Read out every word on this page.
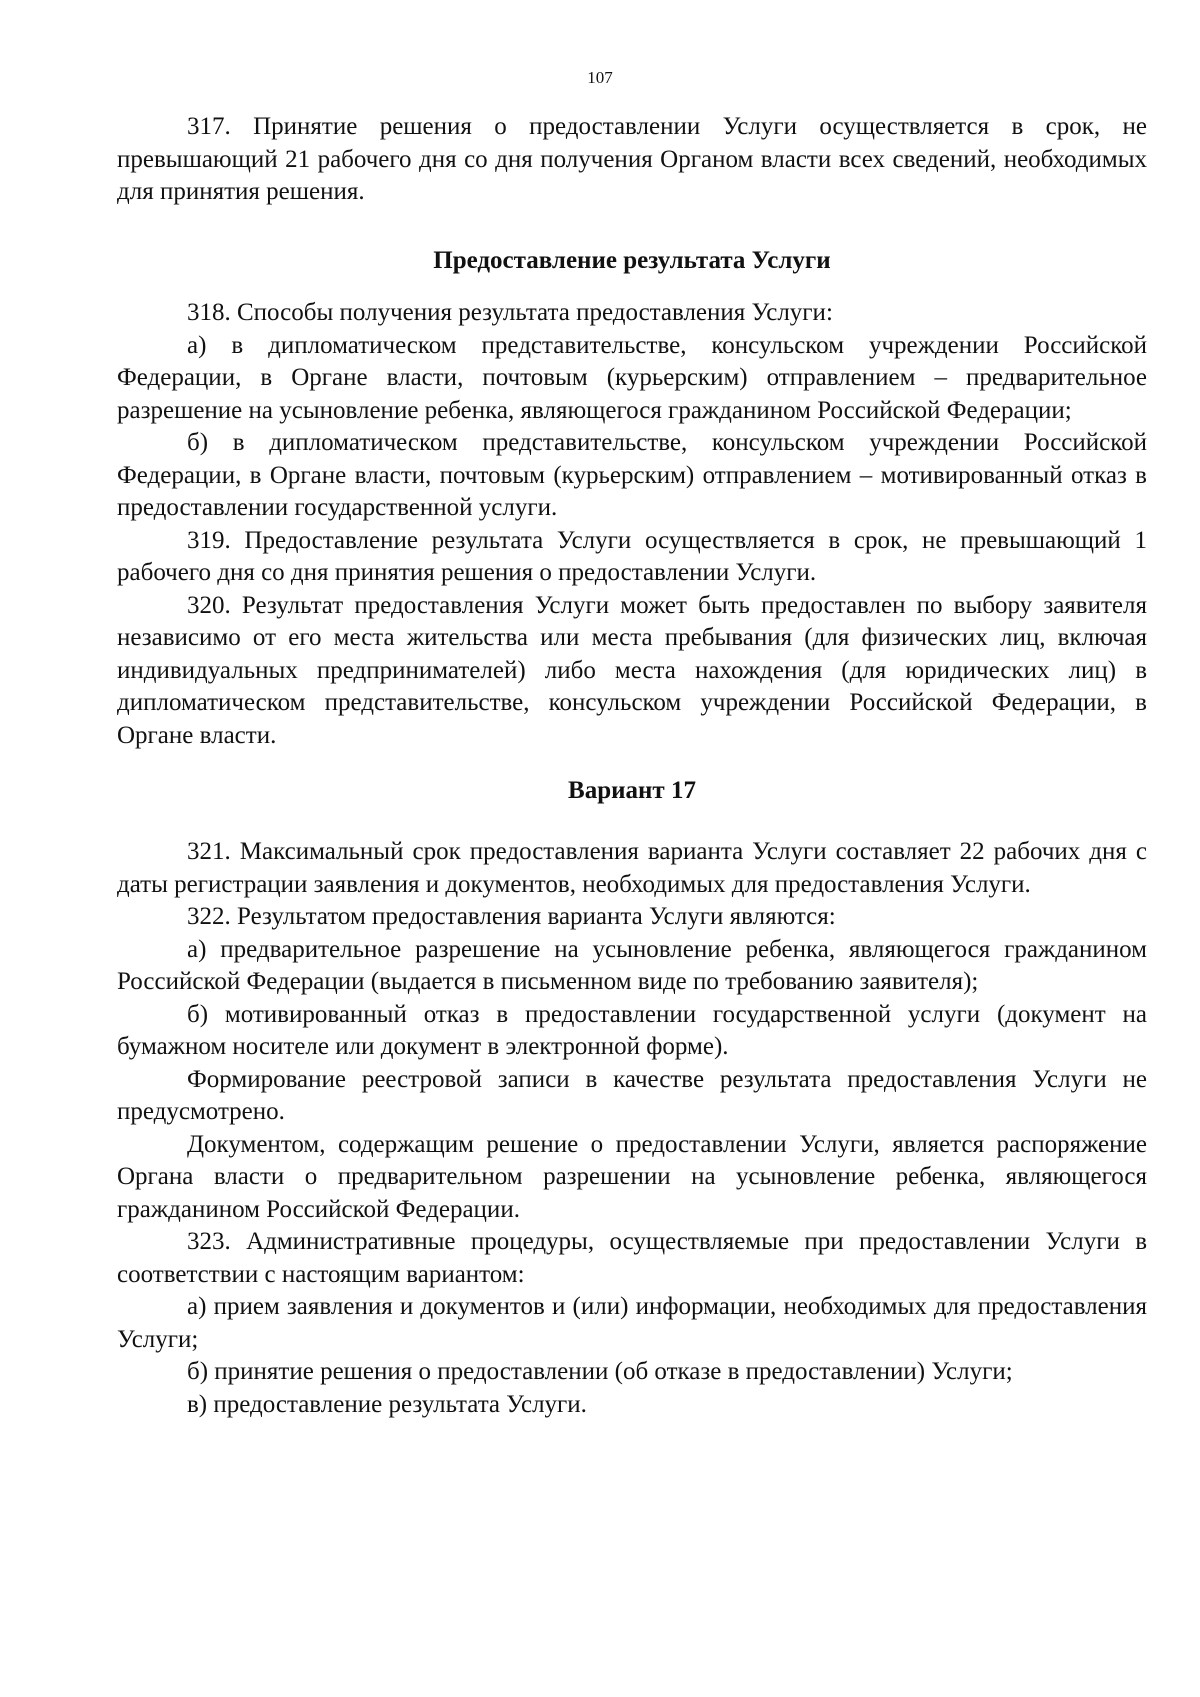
107

317. Принятие решения о предоставлении Услуги осуществляется в срок, не превышающий 21 рабочего дня со дня получения Органом власти всех сведений, необходимых для принятия решения.

Предоставление результата Услуги

318. Способы получения результата предоставления Услуги:

а) в дипломатическом представительстве, консульском учреждении Российской Федерации, в Органе власти, почтовым (курьерским) отправлением – предварительное разрешение на усыновление ребенка, являющегося гражданином Российской Федерации;

б) в дипломатическом представительстве, консульском учреждении Российской Федерации, в Органе власти, почтовым (курьерским) отправлением – мотивированный отказ в предоставлении государственной услуги.

319. Предоставление результата Услуги осуществляется в срок, не превышающий 1 рабочего дня со дня принятия решения о предоставлении Услуги.

320. Результат предоставления Услуги может быть предоставлен по выбору заявителя независимо от его места жительства или места пребывания (для физических лиц, включая индивидуальных предпринимателей) либо места нахождения (для юридических лиц) в дипломатическом представительстве, консульском учреждении Российской Федерации, в Органе власти.

Вариант 17

321. Максимальный срок предоставления варианта Услуги составляет 22 рабочих дня с даты регистрации заявления и документов, необходимых для предоставления Услуги.

322. Результатом предоставления варианта Услуги являются:

а) предварительное разрешение на усыновление ребенка, являющегося гражданином Российской Федерации (выдается в письменном виде по требованию заявителя);

б) мотивированный отказ в предоставлении государственной услуги (документ на бумажном носителе или документ в электронной форме).

Формирование реестровой записи в качестве результата предоставления Услуги не предусмотрено.

Документом, содержащим решение о предоставлении Услуги, является распоряжение Органа власти о предварительном разрешении на усыновление ребенка, являющегося гражданином Российской Федерации.

323. Административные процедуры, осуществляемые при предоставлении Услуги в соответствии с настоящим вариантом:

а) прием заявления и документов и (или) информации, необходимых для предоставления Услуги;

б) принятие решения о предоставлении (об отказе в предоставлении) Услуги;

в) предоставление результата Услуги.
